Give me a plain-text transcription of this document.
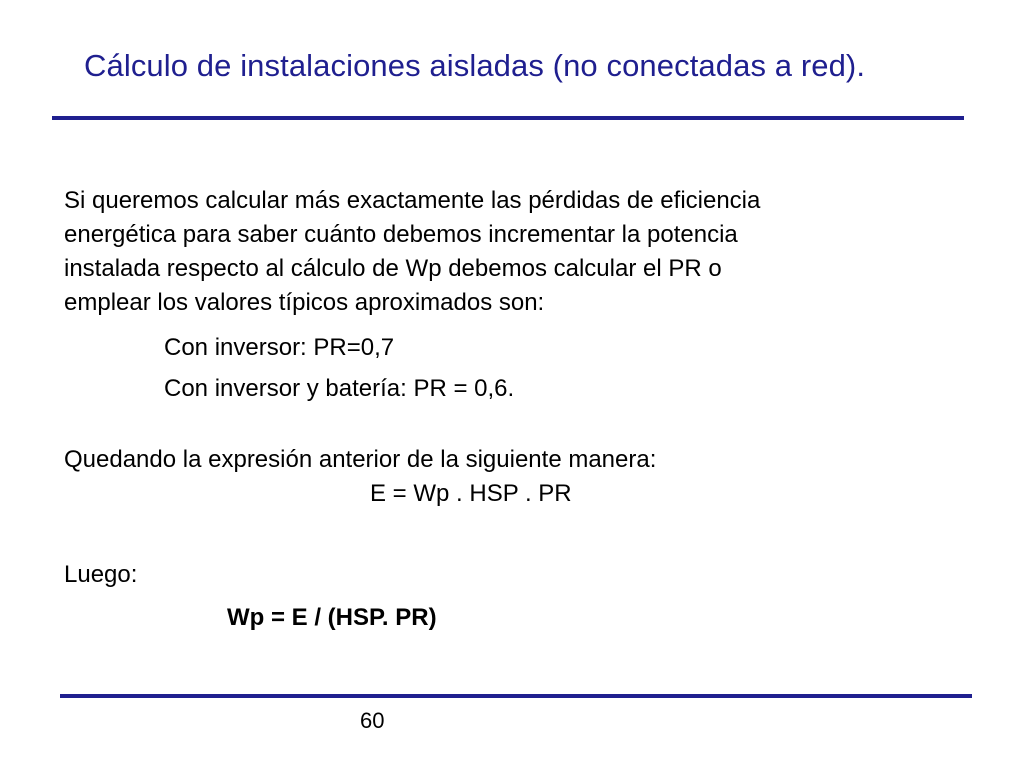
Cálculo de instalaciones aisladas (no conectadas a red).

Si queremos calcular más exactamente las pérdidas de eficiencia
energética para saber cuánto debemos incrementar la potencia
instalada respecto al cálculo de Wp debemos calcular el PR o
emplear los valores típicos aproximados son:

Con inversor: PR=0,7

Con inversor y batería: PR = 0,6.

Quedando la expresión anterior de la siguiente manera:

E = Wp . HSP . PR

Luego:

Wp = E / (HSP. PR)

60
